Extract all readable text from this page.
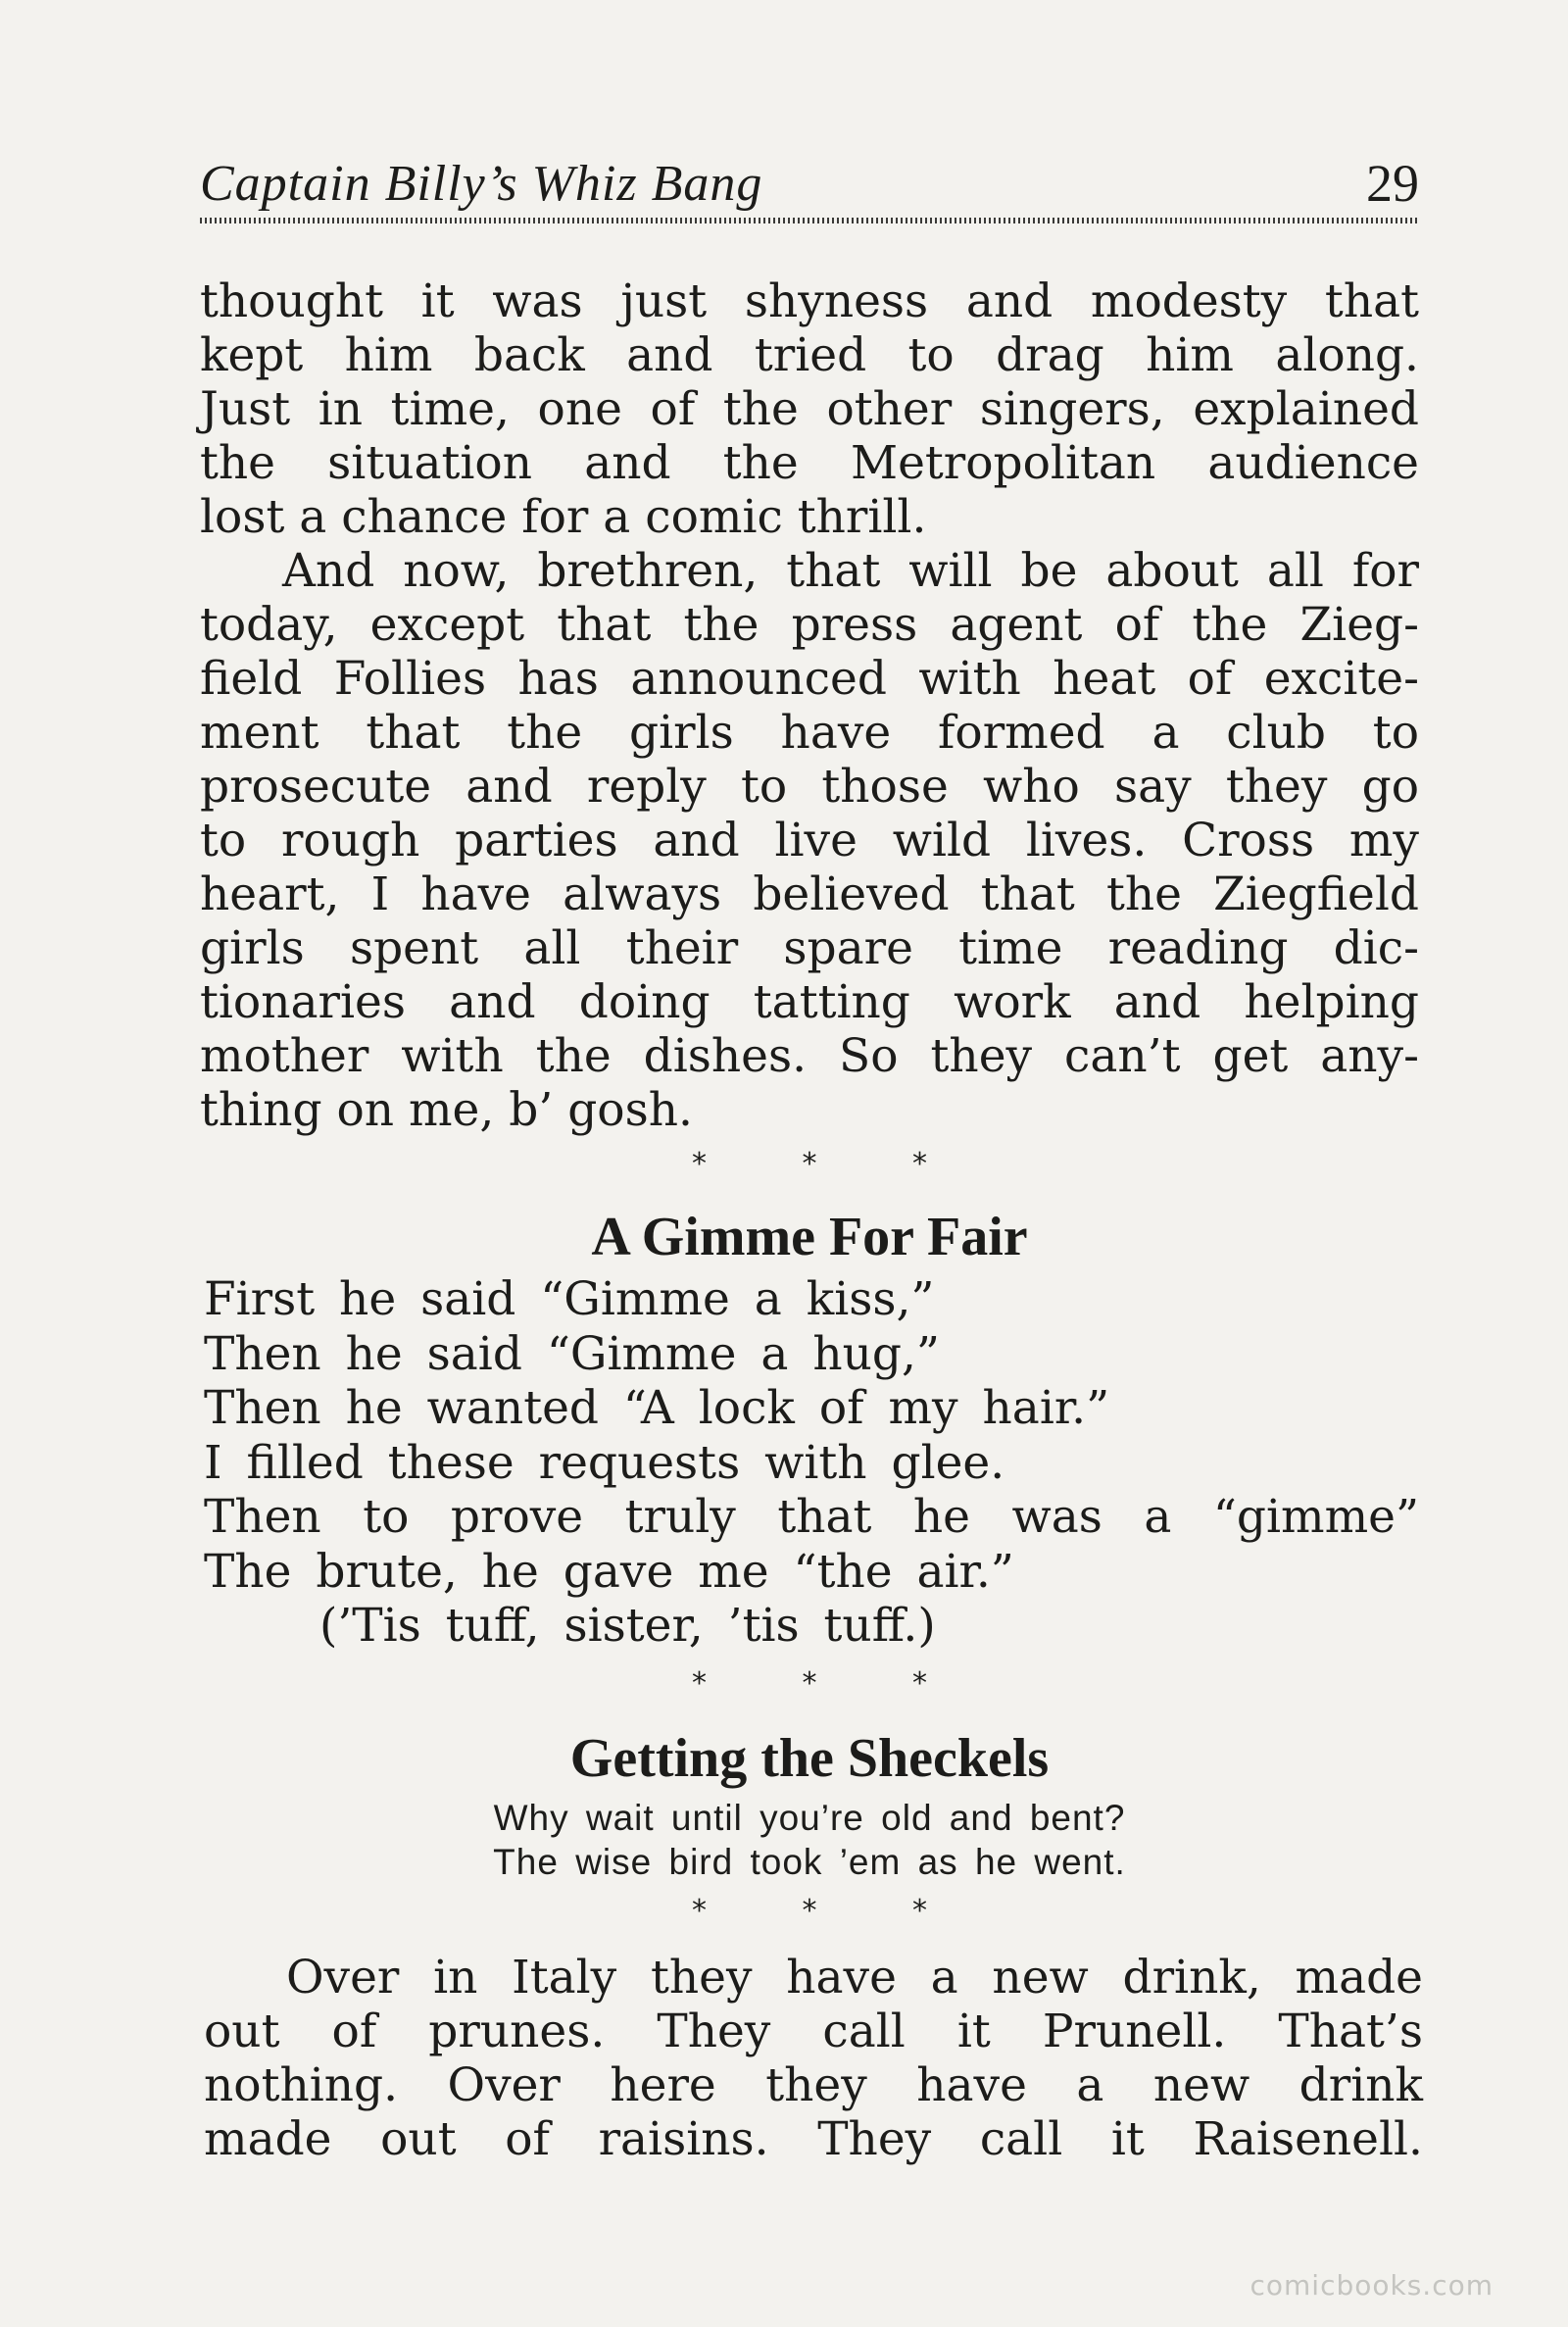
Captain Billy’s Whiz Bang	29
thought it was just shyness and modesty that
kept him back and tried to drag him along.
Just in time, one of the other singers, explained
the situation and the Metropolitan audience
lost a chance for a comic thrill.
And now, brethren, that will be about all for
today, except that the press agent of the Zieg-
field Follies has announced with heat of excite-
ment that the girls have formed a club to
prosecute and reply to those who say they go
to rough parties and live wild lives. Cross my
heart, I have always believed that the Ziegfield
girls spent all their spare time reading dic-
tionaries and doing tatting work and helping
mother with the dishes. So they can’t get any-
thing on me, b’ gosh.
* * *
A Gimme For Fair
First he said “Gimme a kiss,”
Then he said “Gimme a hug,”
Then he wanted “A lock of my hair.”
I filled these requests with glee.
Then to prove truly that he was a “gimme”
The brute, he gave me “the air.”
(’Tis tuff, sister, ’tis tuff.)
* * *
Getting the Sheckels
Why wait until you’re old and bent?
The wise bird took ’em as he went.
* * *
Over in Italy they have a new drink, made
out of prunes. They call it Prunell. That’s
nothing. Over here they have a new drink
made out of raisins. They call it Raisenell.
comicbooks.com
